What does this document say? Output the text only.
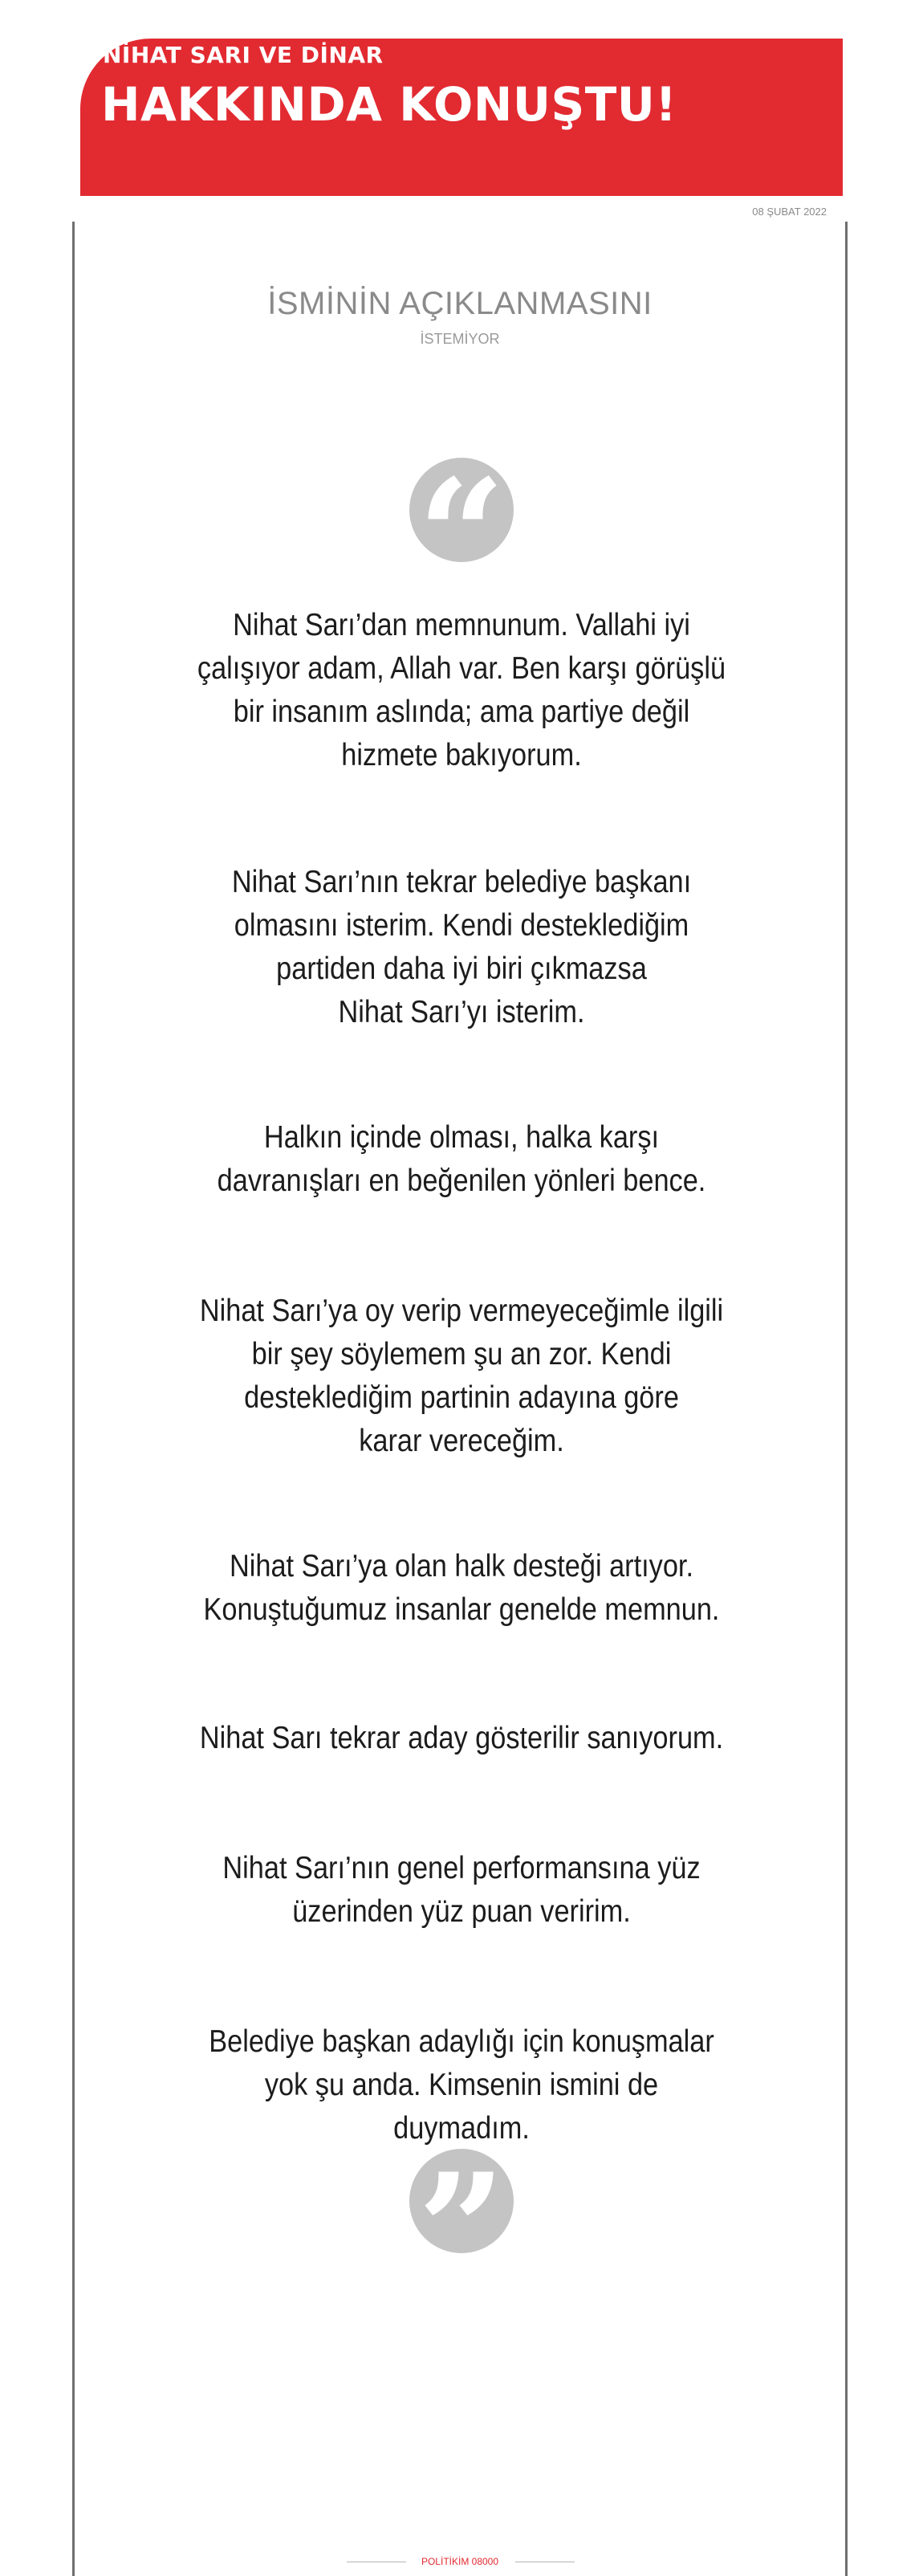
NİHAT SARI VE DİNAR
HAKKINDA KONUŞTU!
08 ŞUBAT 2022
İSMİNİN AÇIKLANMASINI
İSTEMİYOR
“
Nihat Sarı’dan memnunum. Vallahi iyi
çalışıyor adam, Allah var. Ben karşı görüşlü
bir insanım aslında; ama partiye değil
hizmete bakıyorum.
Nihat Sarı’nın tekrar belediye başkanı
olmasını isterim. Kendi desteklediğim
partiden daha iyi biri çıkmazsa
Nihat Sarı’yı isterim.
Halkın içinde olması, halka karşı
davranışları en beğenilen yönleri bence.
Nihat Sarı’ya oy verip vermeyeceğimle ilgili
bir şey söylemem şu an zor. Kendi
desteklediğim partinin adayına göre
karar vereceğim.
Nihat Sarı’ya olan halk desteği artıyor.
Konuştuğumuz insanlar genelde memnun.
Nihat Sarı tekrar aday gösterilir sanıyorum.
Nihat Sarı’nın genel performansına yüz
üzerinden yüz puan veririm.
Belediye başkan adaylığı için konuşmalar
yok şu anda. Kimsenin ismini de duymadım.
”
POLİTİKİM 08000
